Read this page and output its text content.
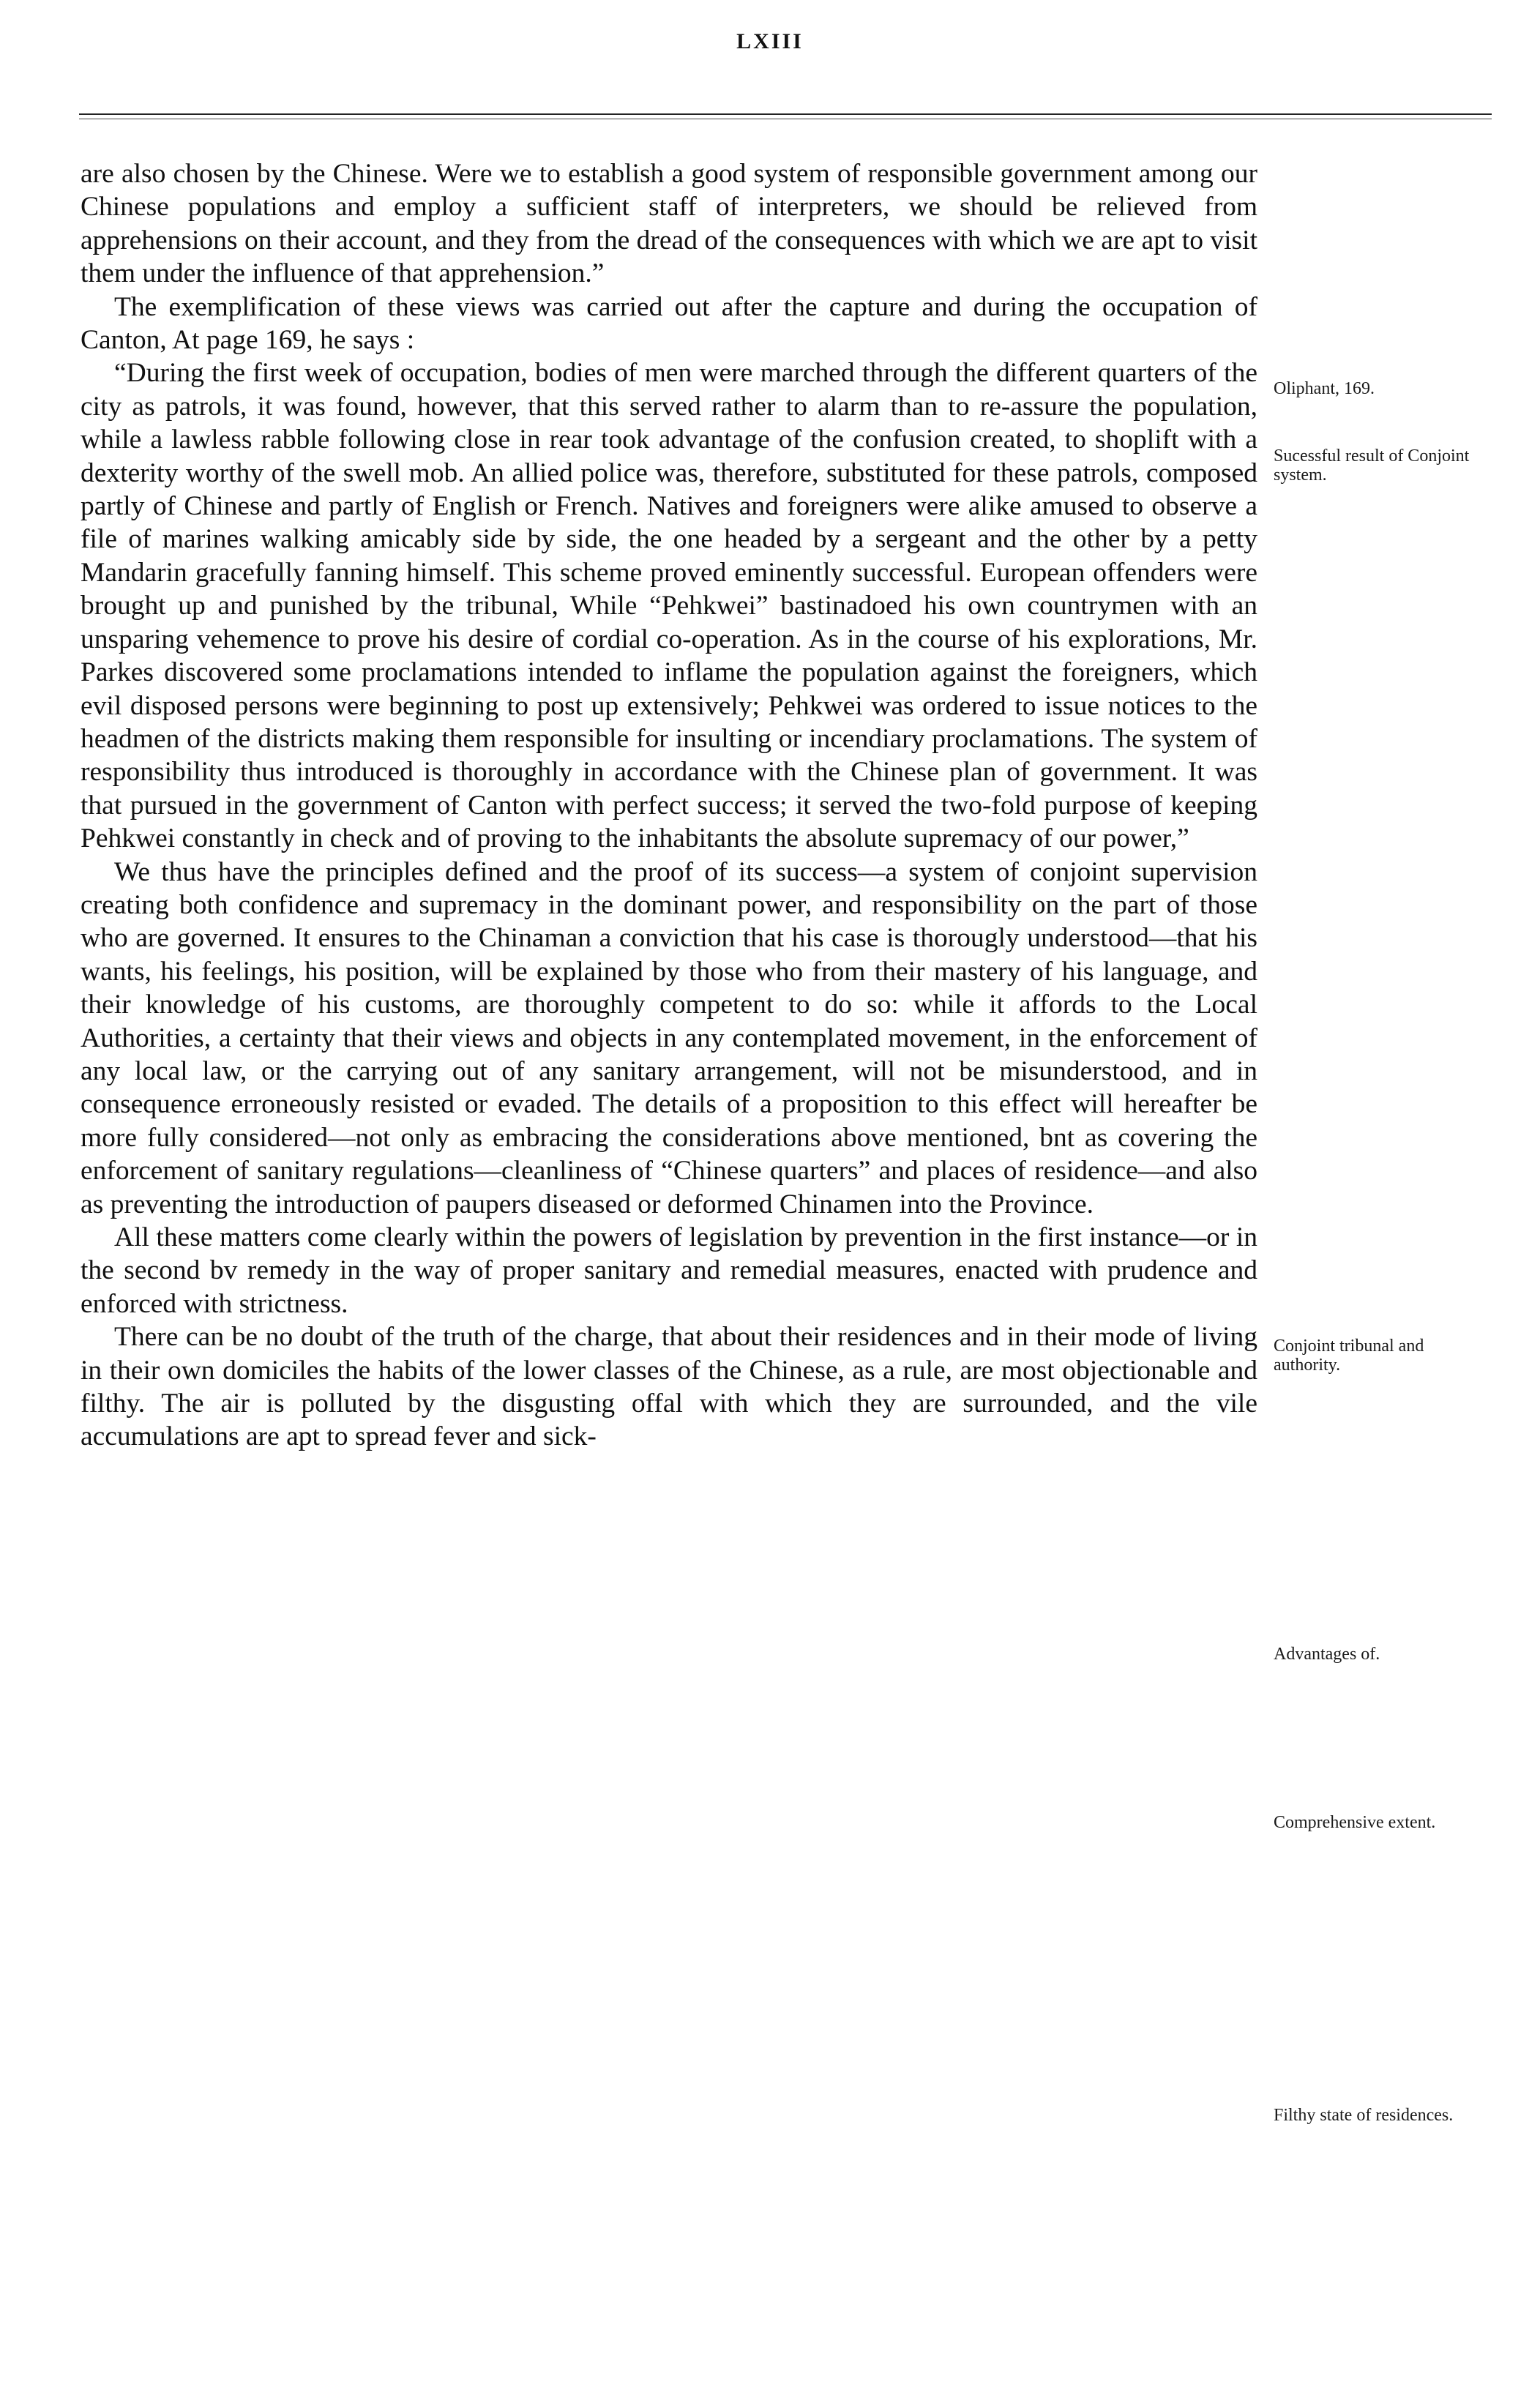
LXIII

are also chosen by the Chinese. Were we to establish a good system of responsible government among our Chinese populations and employ a sufficient staff of interpreters, we should be relieved from apprehensions on their account, and they from the dread of the consequences with which we are apt to visit them under the influence of that apprehension.”

The exemplification of these views was carried out after the capture and during the occupation of Canton, At page 169, he says :

“During the first week of occupation, bodies of men were marched through the different quarters of the city as patrols, it was found, however, that this served rather to alarm than to re-assure the population, while a lawless rabble following close in rear took advantage of the confusion created, to shoplift with a dexterity worthy of the swell mob. An allied police was, therefore, substituted for these patrols, composed partly of Chinese and partly of English or French. Natives and foreigners were alike amused to observe a file of marines walking amicably side by side, the one headed by a sergeant and the other by a petty Mandarin gracefully fanning himself. This scheme proved eminently successful. European offenders were brought up and punished by the tribunal, While “Pehkwei” bastinadoed his own countrymen with an unsparing vehemence to prove his desire of cordial co-operation. As in the course of his explorations, Mr. Parkes discovered some proclamations intended to inflame the population against the foreigners, which evil disposed persons were beginning to post up extensively; Pehkwei was ordered to issue notices to the headmen of the districts making them responsible for insulting or incendiary proclamations. The system of responsibility thus introduced is thoroughly in accordance with the Chinese plan of government. It was that pursued in the government of Canton with perfect success; it served the two-fold purpose of keeping Pehkwei constantly in check and of proving to the inhabitants the absolute supremacy of our power,”

We thus have the principles defined and the proof of its success—a system of conjoint supervision creating both confidence and supremacy in the dominant power, and responsibility on the part of those who are governed. It ensures to the Chinaman a conviction that his case is thorougly understood—that his wants, his feelings, his position, will be explained by those who from their mastery of his language, and their knowledge of his customs, are thoroughly competent to do so: while it affords to the Local Authorities, a certainty that their views and objects in any contemplated movement, in the enforcement of any local law, or the carrying out of any sanitary arrangement, will not be misunderstood, and in consequence erroneously resisted or evaded. The details of a proposition to this effect will hereafter be more fully considered—not only as embracing the considerations above mentioned, bnt as covering the enforcement of sanitary regulations—cleanliness of “Chinese quarters” and places of residence—and also as preventing the introduction of paupers diseased or deformed Chinamen into the Province.

All these matters come clearly within the powers of legislation by prevention in the first instance—or in the second bv remedy in the way of proper sanitary and remedial measures, enacted with prudence and enforced with strictness.

There can be no doubt of the truth of the charge, that about their residences and in their mode of living in their own domiciles the habits of the lower classes of the Chinese, as a rule, are most objectionable and filthy. The air is polluted by the disgusting offal with which they are surrounded, and the vile accumulations are apt to spread fever and sick-

Oliphant, 169.
Sucessful result of Conjoint system.
Conjoint tribunal and authority.
Advantages of.
Comprehensive extent.
Filthy state of residences.
